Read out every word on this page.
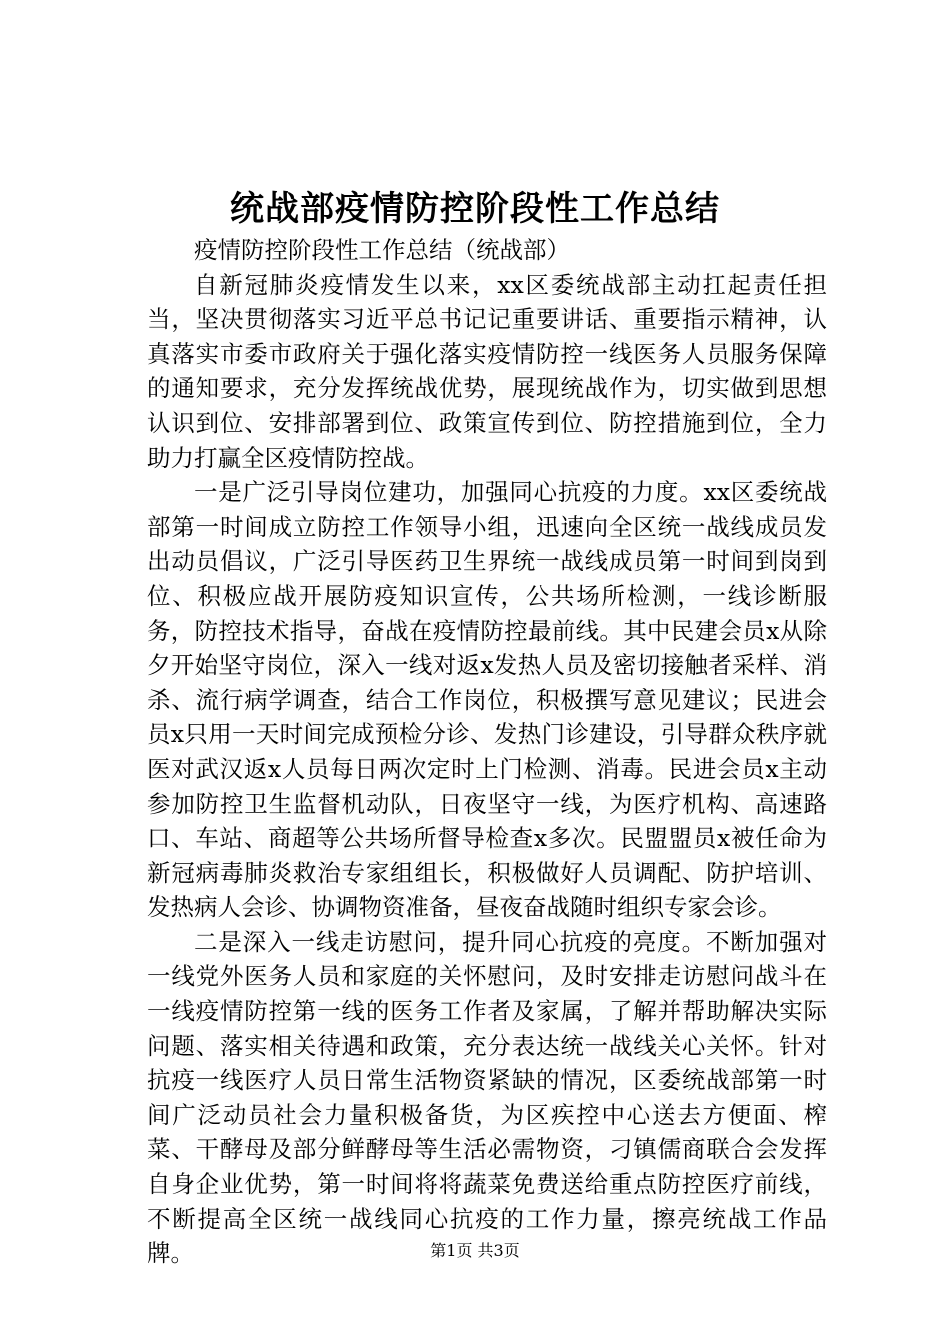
统战部疫情防控阶段性工作总结

疫情防控阶段性工作总结（统战部）

自新冠肺炎疫情发生以来，xx区委统战部主动扛起责任担当，坚决贯彻落实习近平总书记记重要讲话、重要指示精神，认真落实市委市政府关于强化落实疫情防控一线医务人员服务保障的通知要求，充分发挥统战优势，展现统战作为，切实做到思想认识到位、安排部署到位、政策宣传到位、防控措施到位，全力助力打赢全区疫情防控战。

一是广泛引导岗位建功，加强同心抗疫的力度。xx区委统战部第一时间成立防控工作领导小组，迅速向全区统一战线成员发出动员倡议，广泛引导医药卫生界统一战线成员第一时间到岗到位、积极应战开展防疫知识宣传，公共场所检测，一线诊断服务，防控技术指导，奋战在疫情防控最前线。其中民建会员x从除夕开始坚守岗位，深入一线对返x发热人员及密切接触者采样、消杀、流行病学调查，结合工作岗位，积极撰写意见建议；民进会员x只用一天时间完成预检分诊、发热门诊建设，引导群众秩序就医对武汉返x人员每日两次定时上门检测、消毒。民进会员x主动参加防控卫生监督机动队，日夜坚守一线，为医疗机构、高速路口、车站、商超等公共场所督导检查x多次。民盟盟员x被任命为新冠病毒肺炎救治专家组组长，积极做好人员调配、防护培训、发热病人会诊、协调物资准备，昼夜奋战随时组织专家会诊。

二是深入一线走访慰问，提升同心抗疫的亮度。不断加强对一线党外医务人员和家庭的关怀慰问，及时安排走访慰问战斗在一线疫情防控第一线的医务工作者及家属，了解并帮助解决实际问题、落实相关待遇和政策，充分表达统一战线关心关怀。针对抗疫一线医疗人员日常生活物资紧缺的情况，区委统战部第一时间广泛动员社会力量积极备货，为区疾控中心送去方便面、榨菜、干酵母及部分鲜酵母等生活必需物资，刁镇儒商联合会发挥自身企业优势，第一时间将将蔬菜免费送给重点防控医疗前线，不断提高全区统一战线同心抗疫的工作力量，擦亮统战工作品牌。	第1页 共3页
